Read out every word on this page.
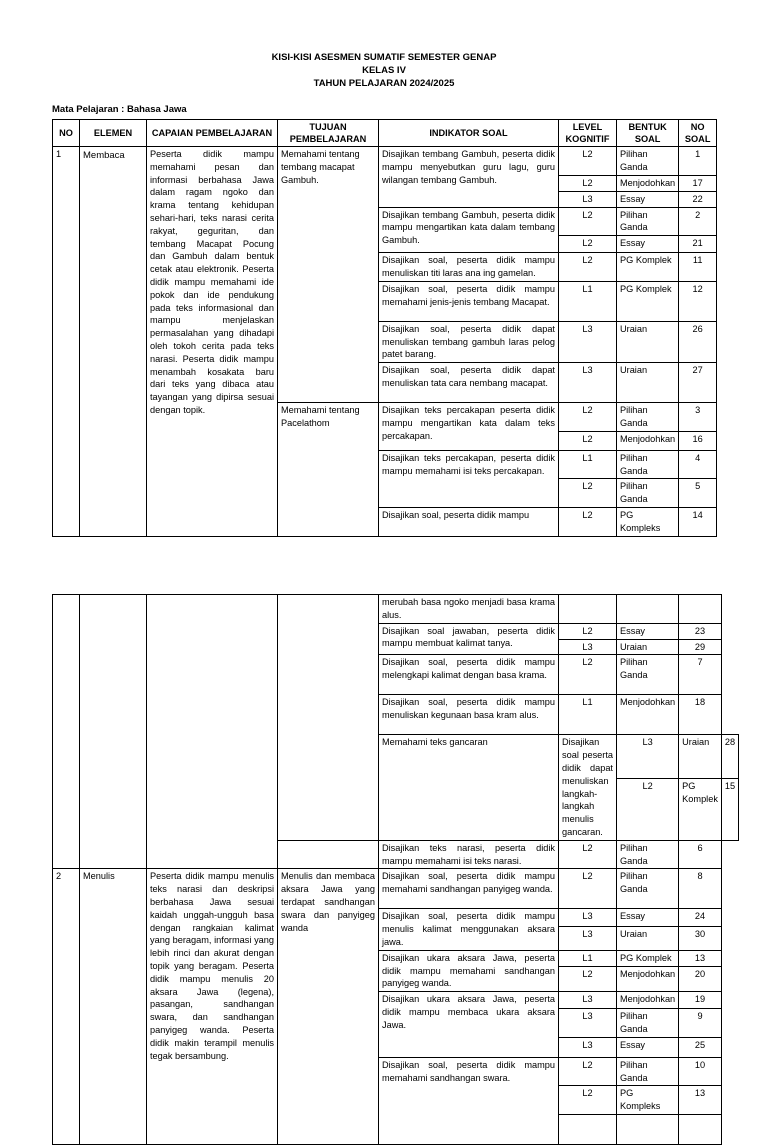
KISI-KISI ASESMEN SUMATIF SEMESTER GENAP
KELAS IV
TAHUN PELAJARAN 2024/2025
Mata Pelajaran : Bahasa Jawa
NO	ELEMEN	CAPAIAN PEMBELAJARAN	TUJUAN PEMBELAJARAN	INDIKATOR SOAL	LEVEL KOGNITIF	BENTUK SOAL	NO SOAL
1	Membaca	Peserta didik mampu memahami pesan dan informasi berbahasa Jawa dalam ragam ngoko dan krama tentang kehidupan sehari-hari, teks narasi cerita rakyat, geguritan, dan tembang Macapat Pocung dan Gambuh dalam bentuk cetak atau elektronik. Peserta didik mampu memahami ide pokok dan ide pendukung pada teks informasional dan mampu menjelaskan permasalahan yang dihadapi oleh tokoh cerita pada teks narasi. Peserta didik mampu menambah kosakata baru dari teks yang dibaca atau tayangan yang dipirsa sesuai dengan topik.	Memahami tentang tembang macapat Gambuh.	Disajikan tembang Gambuh, peserta didik mampu menyebutkan guru lagu, guru wilangan tembang Gambuh.	L2	Pilihan Ganda	1
					L2	Menjodohkan	17
					L3	Essay	22
				Disajikan tembang Gambuh, peserta didik mampu mengartikan kata dalam tembang Gambuh.	L2	Pilihan Ganda	2
					L2	Essay	21
				Disajikan soal, peserta didik mampu menuliskan titi laras ana ing gamelan.	L2	PG Komplek	11
				Disajikan soal, peserta didik mampu memahami jenis-jenis tembang Macapat.	L1	PG Komplek	12
				Disajikan soal, peserta didik dapat menuliskan tembang gambuh laras pelog patet barang.	L3	Uraian	26
				Disajikan soal, peserta didik dapat menuliskan tata cara nembang macapat.	L3	Uraian	27
			Memahami tentang Pacelathom	Disajikan teks percakapan peserta didik mampu mengartikan kata dalam teks percakapan.	L2	Pilihan Ganda	3
					L2	Menjodohkan	16
				Disajikan teks percakapan, peserta didik mampu memahami isi teks percakapan.	L1	Pilihan Ganda	4
					L2	Pilihan Ganda	5
				Disajikan soal, peserta didik mampu	L2	PG Kompleks	14
				merubah basa ngoko menjadi basa krama alus.				
				Disajikan soal jawaban, peserta didik mampu membuat kalimat tanya.	L2	Essay	23	
					L3	Uraian	29	
				Disajikan soal, peserta didik mampu melengkapi kalimat dengan basa krama.	L2	Pilihan Ganda	7	
				Disajikan soal, peserta didik mampu menuliskan kegunaan basa kram alus.	L1	Menjodohkan	18	
				Memahami teks gancaran	Disajikan soal peserta didik dapat menuliskan langkah-langkah menulis gancaran.	L3	Uraian	28
						L2	PG Komplek	15
				Disajikan teks narasi, peserta didik mampu memahami isi teks narasi.	L2	Pilihan Ganda	6	

2	Menulis	Peserta didik mampu menulis teks narasi dan deskripsi berbahasa Jawa sesuai kaidah unggah-ungguh basa dengan rangkaian kalimat yang beragam, informasi yang lebih rinci dan akurat dengan topik yang beragam. Peserta didik mampu menulis 20 aksara Jawa (legena), pasangan, sandhangan swara, dan sandhangan panyigeg wanda. Peserta didik makin terampil menulis tegak bersambung.	Menulis dan membaca aksara Jawa yang terdapat sandhangan swara dan panyigeg wanda	Disajikan soal, peserta didik mampu memahami sandhangan panyigeg wanda.	L2	Pilihan Ganda	8	
				Disajikan soal, peserta didik mampu menulis kalimat menggunakan aksara jawa.	L3	Essay	24	
					L3	Uraian	30	
				Disajikan ukara aksara Jawa, peserta didik mampu memahami sandhangan panyigeg wanda.	L1	PG Komplek	13	
					L2	Menjodohkan	20	
				Disajikan ukara aksara Jawa, peserta didik mampu membaca ukara aksara Jawa.	L3	Menjodohkan	19	
					L3	Pilihan Ganda	9	
					L3	Essay	25	
				Disajikan soal, peserta didik mampu memahami sandhangan swara.	L2	Pilihan Ganda	10	
					L2	PG Kompleks	13	
